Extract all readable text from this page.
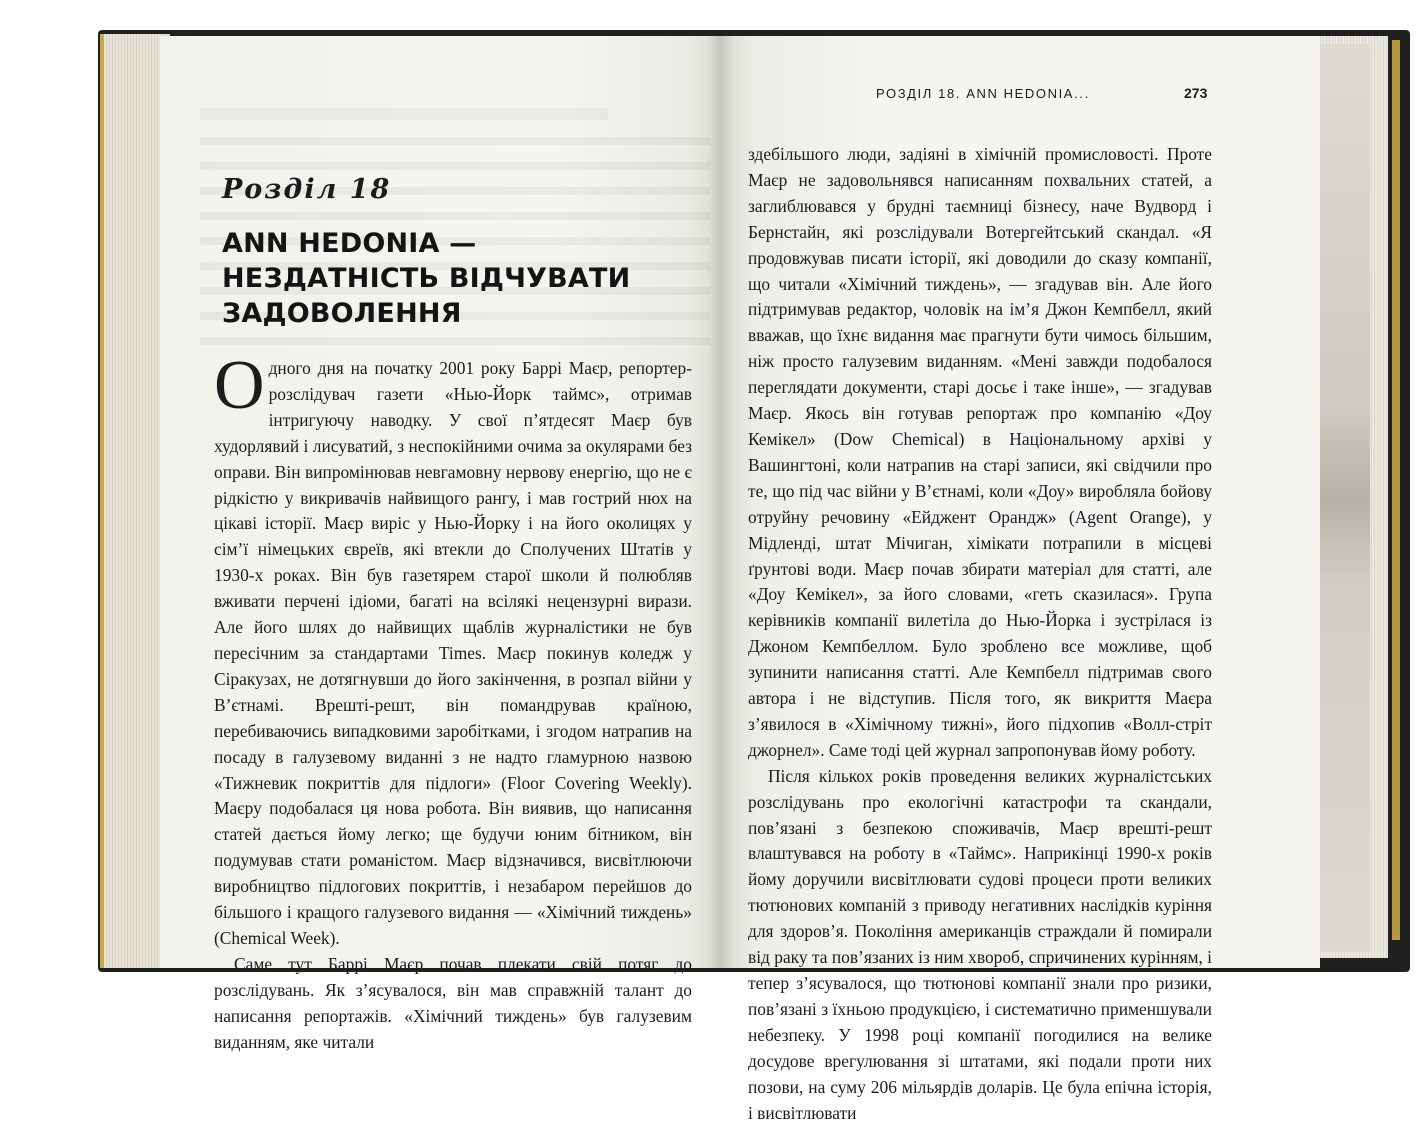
Розділ 18
ANN HEDONIA — НЕЗДАТНІСТЬ ВІДЧУВАТИ ЗАДОВОЛЕННЯ

Одного дня на початку 2001 року Баррі Маєр, репортер-розслідувач газети «Нью-Йорк таймс», отримав інтригуючу наводку. У свої п’ятдесят Маєр був худорлявий і лисуватий, з неспокійними очима за окулярами без оправи. Він випромінював невгамовну нервову енергію, що не є рідкістю у викривачів найвищого рангу, і мав гострий нюх на цікаві історії. Маєр виріс у Нью-Йорку і на його околицях у сім’ї німецьких євреїв, які втекли до Сполучених Штатів у 1930-х роках. Він був газетярем старої школи й полюбляв вживати перчені ідіоми, багаті на всілякі нецензурні вирази. Але його шлях до найвищих щаблів журналістики не був пересічним за стандартами Times. Маєр покинув коледж у Сіракузах, не дотягнувши до його закінчення, в розпал війни у В’єтнамі. Врешті-решт, він помандрував країною, перебиваючись випадковими заробітками, і згодом натрапив на посаду в галузевому виданні з не надто гламурною назвою «Тижневик покриттів для підлоги» (Floor Covering Weekly). Маєру подобалася ця нова робота. Він виявив, що написання статей дається йому легко; ще будучи юним бітником, він подумував стати романістом. Маєр відзначився, висвітлюючи виробництво підлогових покриттів, і незабаром перейшов до більшого і кращого галузевого видання — «Хімічний тиждень» (Chemical Week).

Саме тут Баррі Маєр почав плекати свій потяг до розслідувань. Як з’ясувалося, він мав справжній талант до написання репортажів. «Хімічний тиждень» був галузевим виданням, яке читали

РОЗДІЛ 18. ANN HEDONIA...	273

здебільшого люди, задіяні в хімічній промисловості. Проте Маєр не задовольнявся написанням похвальних статей, а заглиблювався у брудні таємниці бізнесу, наче Вудворд і Бернстайн, які розслідували Вотергейтський скандал. «Я продовжував писати історії, які доводили до сказу компанії, що читали «Хімічний тиждень», — згадував він. Але його підтримував редактор, чоловік на ім’я Джон Кемпбелл, який вважав, що їхнє видання має прагнути бути чимось більшим, ніж просто галузевим виданням. «Мені завжди подобалося переглядати документи, старі досьє і таке інше», — згадував Маєр. Якось він готував репортаж про компанію «Доу Кемікел» (Dow Chemical) в Національному архіві у Вашингтоні, коли натрапив на старі записи, які свідчили про те, що під час війни у В’єтнамі, коли «Доу» виробляла бойову отруйну речовину «Ейджент Орандж» (Agent Orange), у Мідленді, штат Мічиган, хімікати потрапили в місцеві ґрунтові води. Маєр почав збирати матеріал для статті, але «Доу Кемікел», за його словами, «геть сказилася». Група керівників компанії вилетіла до Нью-Йорка і зустрілася із Джоном Кемпбеллом. Було зроблено все можливе, щоб зупинити написання статті. Але Кемпбелл підтримав свого автора і не відступив. Після того, як викриття Маєра з’явилося в «Хімічному тижні», його підхопив «Волл-стріт джорнел». Саме тоді цей журнал запропонував йому роботу.

Після кількох років проведення великих журналістських розслідувань про екологічні катастрофи та скандали, пов’язані з безпекою споживачів, Маєр врешті-решт влаштувався на роботу в «Таймс». Наприкінці 1990-х років йому доручили висвітлювати судові процеси проти великих тютюнових компаній з приводу негативних наслідків куріння для здоров’я. Покоління американців страждали й помирали від раку та пов’язаних із ним хвороб, спричинених курінням, і тепер з’ясувалося, що тютюнові компанії знали про ризики, пов’язані з їхньою продукцією, і систематично применшували небезпеку. У 1998 році компанії погодилися на велике досудове врегулювання зі штатами, які подали проти них позови, на суму 206 мільярдів доларів. Це була епічна історія, і висвітлювати
